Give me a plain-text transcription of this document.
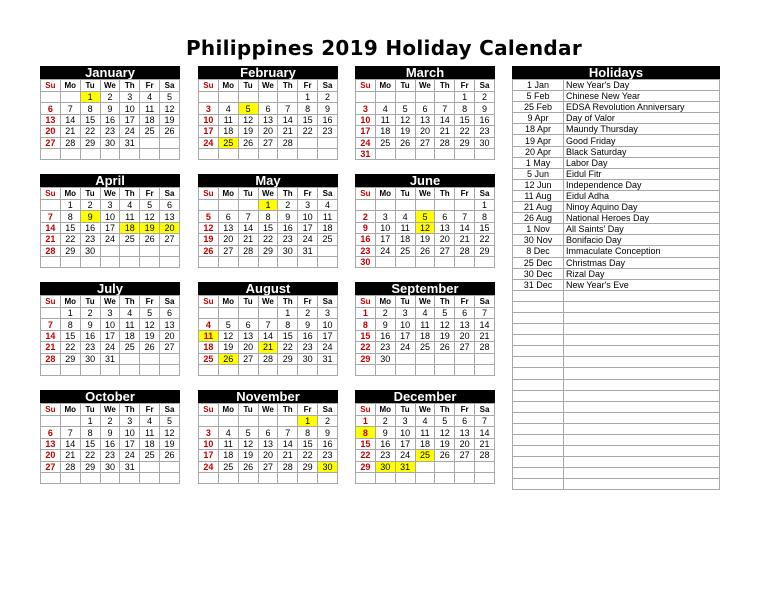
Philippines 2019 Holiday Calendar
January
Su	Mo	Tu	We	Th	Fr	Sa
		1	2	3	4	5
6	7	8	9	10	11	12
13	14	15	16	17	18	19
20	21	22	23	24	25	26
27	28	29	30	31		

February
Su	Mo	Tu	We	Th	Fr	Sa
					1	2
3	4	5	6	7	8	9
10	11	12	13	14	15	16
17	18	19	20	21	22	23
24	25	26	27	28		

March
Su	Mo	Tu	We	Th	Fr	Sa
					1	2
3	4	5	6	7	8	9
10	11	12	13	14	15	16
17	18	19	20	21	22	23
24	25	26	27	28	29	30
31						
April
Su	Mo	Tu	We	Th	Fr	Sa
	1	2	3	4	5	6
7	8	9	10	11	12	13
14	15	16	17	18	19	20
21	22	23	24	25	26	27
28	29	30				

May
Su	Mo	Tu	We	Th	Fr	Sa
			1	2	3	4
5	6	7	8	9	10	11
12	13	14	15	16	17	18
19	20	21	22	23	24	25
26	27	28	29	30	31	

June
Su	Mo	Tu	We	Th	Fr	Sa
						1
2	3	4	5	6	7	8
9	10	11	12	13	14	15
16	17	18	19	20	21	22
23	24	25	26	27	28	29
30						
July
Su	Mo	Tu	We	Th	Fr	Sa
	1	2	3	4	5	6
7	8	9	10	11	12	13
14	15	16	17	18	19	20
21	22	23	24	25	26	27
28	29	30	31			

August
Su	Mo	Tu	We	Th	Fr	Sa
				1	2	3
4	5	6	7	8	9	10
11	12	13	14	15	16	17
18	19	20	21	22	23	24
25	26	27	28	29	30	31

September
Su	Mo	Tu	We	Th	Fr	Sa
1	2	3	4	5	6	7
8	9	10	11	12	13	14
15	16	17	18	19	20	21
22	23	24	25	26	27	28
29	30					

October
Su	Mo	Tu	We	Th	Fr	Sa
		1	2	3	4	5
6	7	8	9	10	11	12
13	14	15	16	17	18	19
20	21	22	23	24	25	26
27	28	29	30	31		

November
Su	Mo	Tu	We	Th	Fr	Sa
					1	2
3	4	5	6	7	8	9
10	11	12	13	14	15	16
17	18	19	20	21	22	23
24	25	26	27	28	29	30

December
Su	Mo	Tu	We	Th	Fr	Sa
1	2	3	4	5	6	7
8	9	10	11	12	13	14
15	16	17	18	19	20	21
22	23	24	25	26	27	28
29	30	31				

Holidays
1 Jan	New Year's Day
5 Feb	Chinese New Year
25 Feb	EDSA Revolution Anniversary
9 Apr	Day of Valor
18 Apr	Maundy Thursday
19 Apr	Good Friday
20 Apr	Black Saturday
1 May	Labor Day
5 Jun	Eidul Fitr
12 Jun	Independence Day
11 Aug	Eidul Adha
21 Aug	Ninoy Aquino Day
26 Aug	National Heroes Day
1 Nov	All Saints' Day
30 Nov	Bonifacio Day
8 Dec	Immaculate Conception
25 Dec	Christmas Day
30 Dec	Rizal Day
31 Dec	New Year's Eve
